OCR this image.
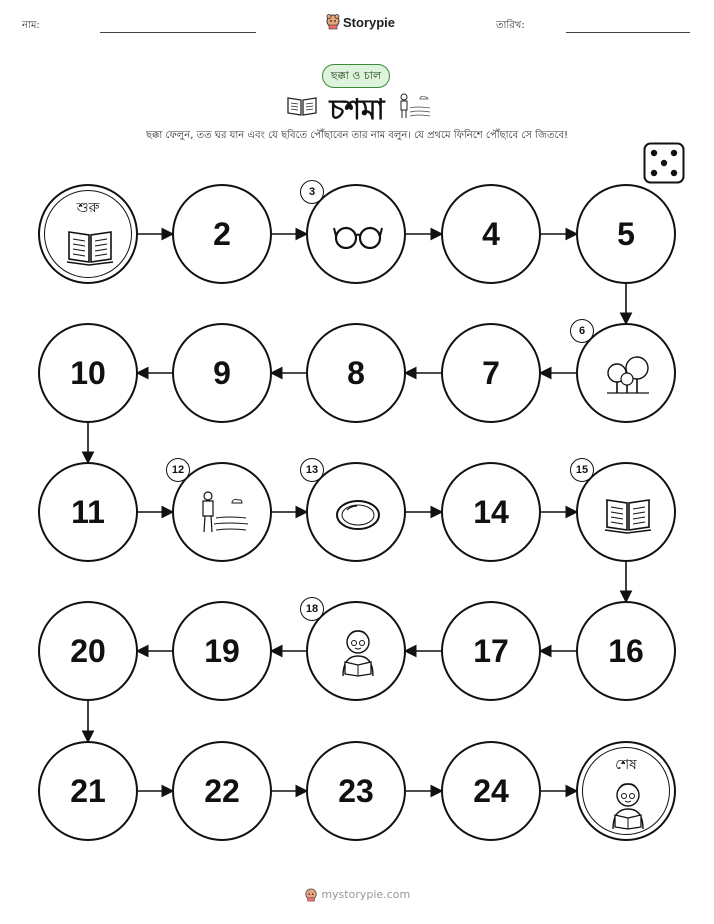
নাম:	Storypie	তারিখ:
ছক্কা ও চাল
চশমা
ছক্কা ফেলুন, তত ঘর যান এবং যে ছবিতে পৌঁছাবেন তার নাম বলুন। যে প্রথমে ফিনিশে পৌঁছাবে সে জিতবে!
শুরু
2
3
4	5
6
7
8
9
10
11
12	13
14
15
16
17
18
19
20
21	22	23	24
শেষ
mystorypie.com
